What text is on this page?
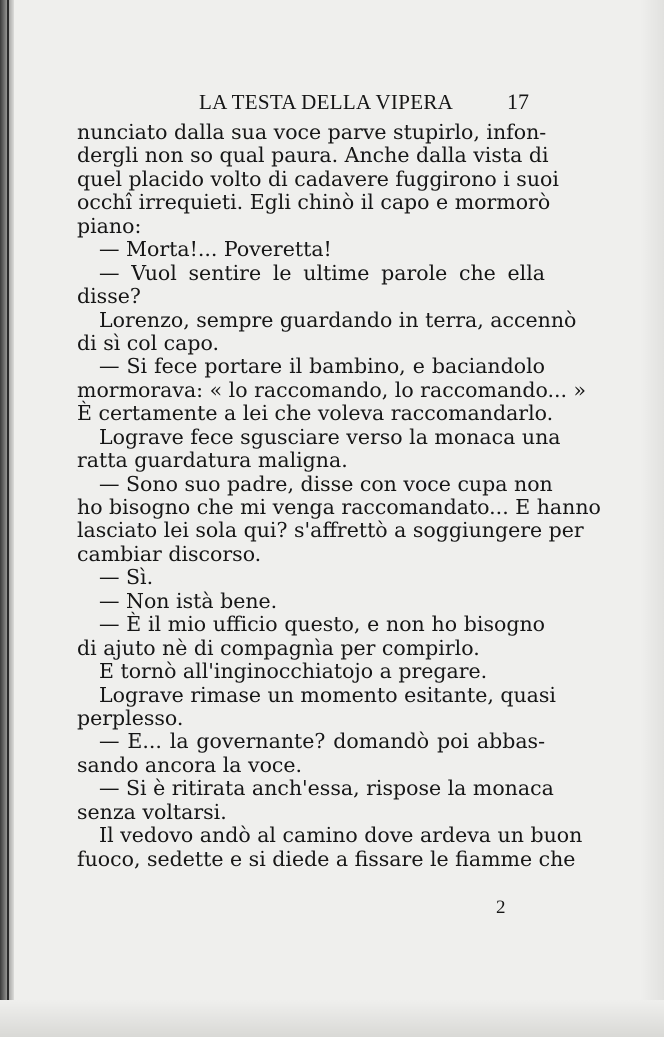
LA TESTA DELLA VIPERA 17
nunciato dalla sua voce parve stupirlo, infon-
dergli non so qual paura. Anche dalla vista di
quel placido volto di cadavere fuggirono i suoi
occhî irrequieti. Egli chinò il capo e mormorò
piano:
— Morta!... Poveretta!
— Vuol sentire le ultime parole che ella
disse?
Lorenzo, sempre guardando in terra, accennò
di sì col capo.
— Si fece portare il bambino, e baciandolo
mormorava: « lo raccomando, lo raccomando... »
È certamente a lei che voleva raccomandarlo.
Lograve fece sgusciare verso la monaca una
ratta guardatura maligna.
— Sono suo padre, disse con voce cupa non
ho bisogno che mi venga raccomandato... E hanno
lasciato lei sola qui? s'affrettò a soggiungere per
cambiar discorso.
— Sì.
— Non istà bene.
— È il mio ufficio questo, e non ho bisogno
di ajuto nè di compagnìa per compirlo.
E tornò all'inginocchiatojo a pregare.
Lograve rimase un momento esitante, quasi
perplesso.
— E... la governante? domandò poi abbas-
sando ancora la voce.
— Si è ritirata anch'essa, rispose la monaca
senza voltarsi.
Il vedovo andò al camino dove ardeva un buon
fuoco, sedette e si diede a fissare le fiamme che
2
